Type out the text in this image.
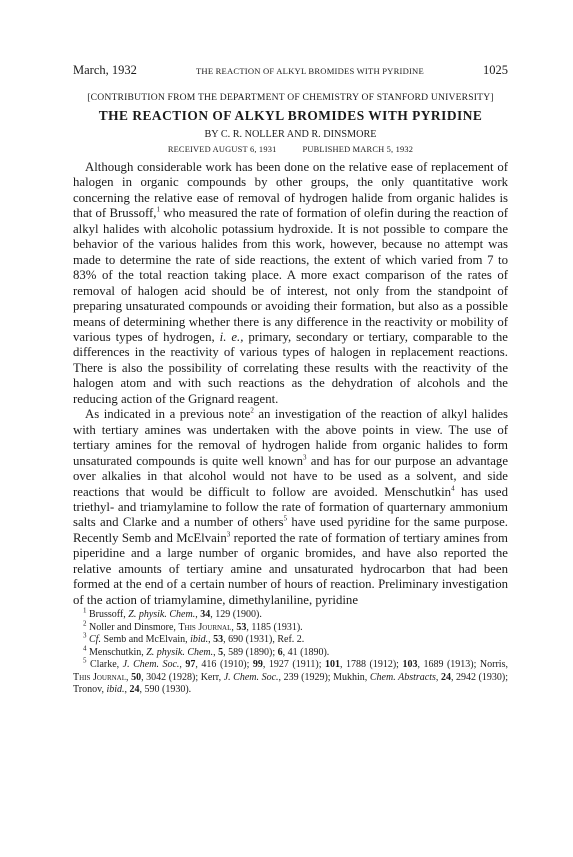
March, 1932	THE REACTION OF ALKYL BROMIDES WITH PYRIDINE	1025
[CONTRIBUTION FROM THE DEPARTMENT OF CHEMISTRY OF STANFORD UNIVERSITY]
THE REACTION OF ALKYL BROMIDES WITH PYRIDINE
BY C. R. NOLLER AND R. DINSMORE
RECEIVED AUGUST 6, 1931	PUBLISHED MARCH 5, 1932

Although considerable work has been done on the relative ease of replacement of halogen in organic compounds by other groups, the only quantitative work concerning the relative ease of removal of hydrogen halide from organic halides is that of Brussoff,$^1$ who measured the rate of formation of olefin during the reaction of alkyl halides with alcoholic potassium hydroxide. It is not possible to compare the behavior of the various halides from this work, however, because no attempt was made to determine the rate of side reactions, the extent of which varied from 7 to 83% of the total reaction taking place. A more exact comparison of the rates of removal of halogen acid should be of interest, not only from the standpoint of preparing unsaturated compounds or avoiding their formation, but also as a possible means of determining whether there is any difference in the reactivity or mobility of various types of hydrogen, i. e., primary, secondary or tertiary, comparable to the differences in the reactivity of various types of halogen in replacement reactions. There is also the possibility of correlating these results with the reactivity of the halogen atom and with such reactions as the dehydration of alcohols and the reducing action of the Grignard reagent.

As indicated in a previous note$^2$ an investigation of the reaction of alkyl halides with tertiary amines was undertaken with the above points in view. The use of tertiary amines for the removal of hydrogen halide from organic halides to form unsaturated compounds is quite well known$^3$ and has for our purpose an advantage over alkalies in that alcohol would not have to be used as a solvent, and side reactions that would be difficult to follow are avoided. Menschutkin$^4$ has used triethyl- and triamylamine to follow the rate of formation of quarternary ammonium salts and Clarke and a number of others$^5$ have used pyridine for the same purpose. Recently Semb and McElvain$^3$ reported the rate of formation of tertiary amines from piperidine and a large number of organic bromides, and have also reported the relative amounts of tertiary amine and unsaturated hydrocarbon that had been formed at the end of a certain number of hours of reaction. Preliminary investigation of the action of triamylamine, dimethylaniline, pyridine

$^1$ Brussoff, Z. physik. Chem., 34, 129 (1900).
$^2$ Noller and Dinsmore, This Journal, 53, 1185 (1931).
$^3$ Cf. Semb and McElvain, ibid., 53, 690 (1931), Ref. 2.
$^4$ Menschutkin, Z. physik. Chem., 5, 589 (1890); 6, 41 (1890).
$^5$ Clarke, J. Chem. Soc., 97, 416 (1910); 99, 1927 (1911); 101, 1788 (1912); 103, 1689 (1913); Norris, This Journal, 50, 3042 (1928); Kerr, J. Chem. Soc., 239 (1929); Mukhin, Chem. Abstracts, 24, 2942 (1930); Tronov, ibid., 24, 590 (1930).
